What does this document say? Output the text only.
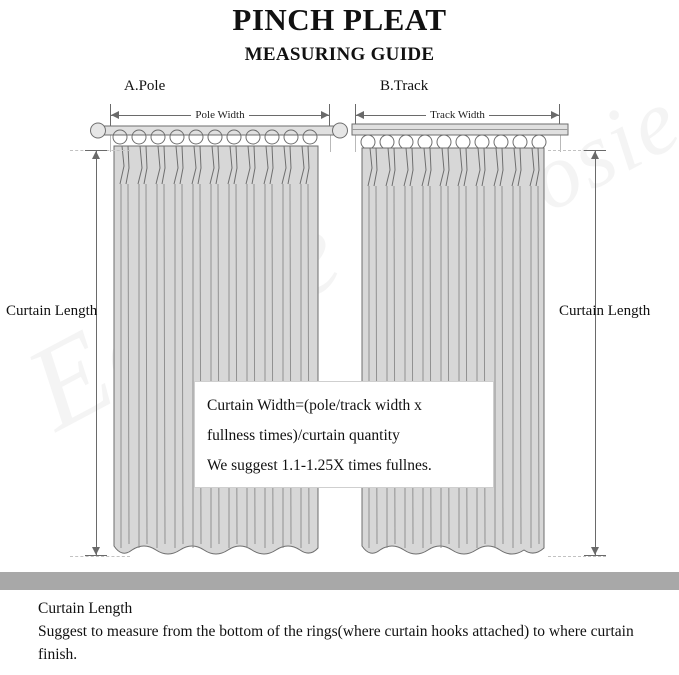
PINCH PLEAT
MEASURING GUIDE
A.Pole
Pole Width
Curtain Length
B.Track
Track Width
Curtain Length
Curtain Width=(pole/track width x
fullness times)/curtain quantity
We suggest 1.1-1.25X times fullnes.
Curtain Length
Suggest to measure from the bottom of the rings(where curtain hooks attached) to where curtain finish.
